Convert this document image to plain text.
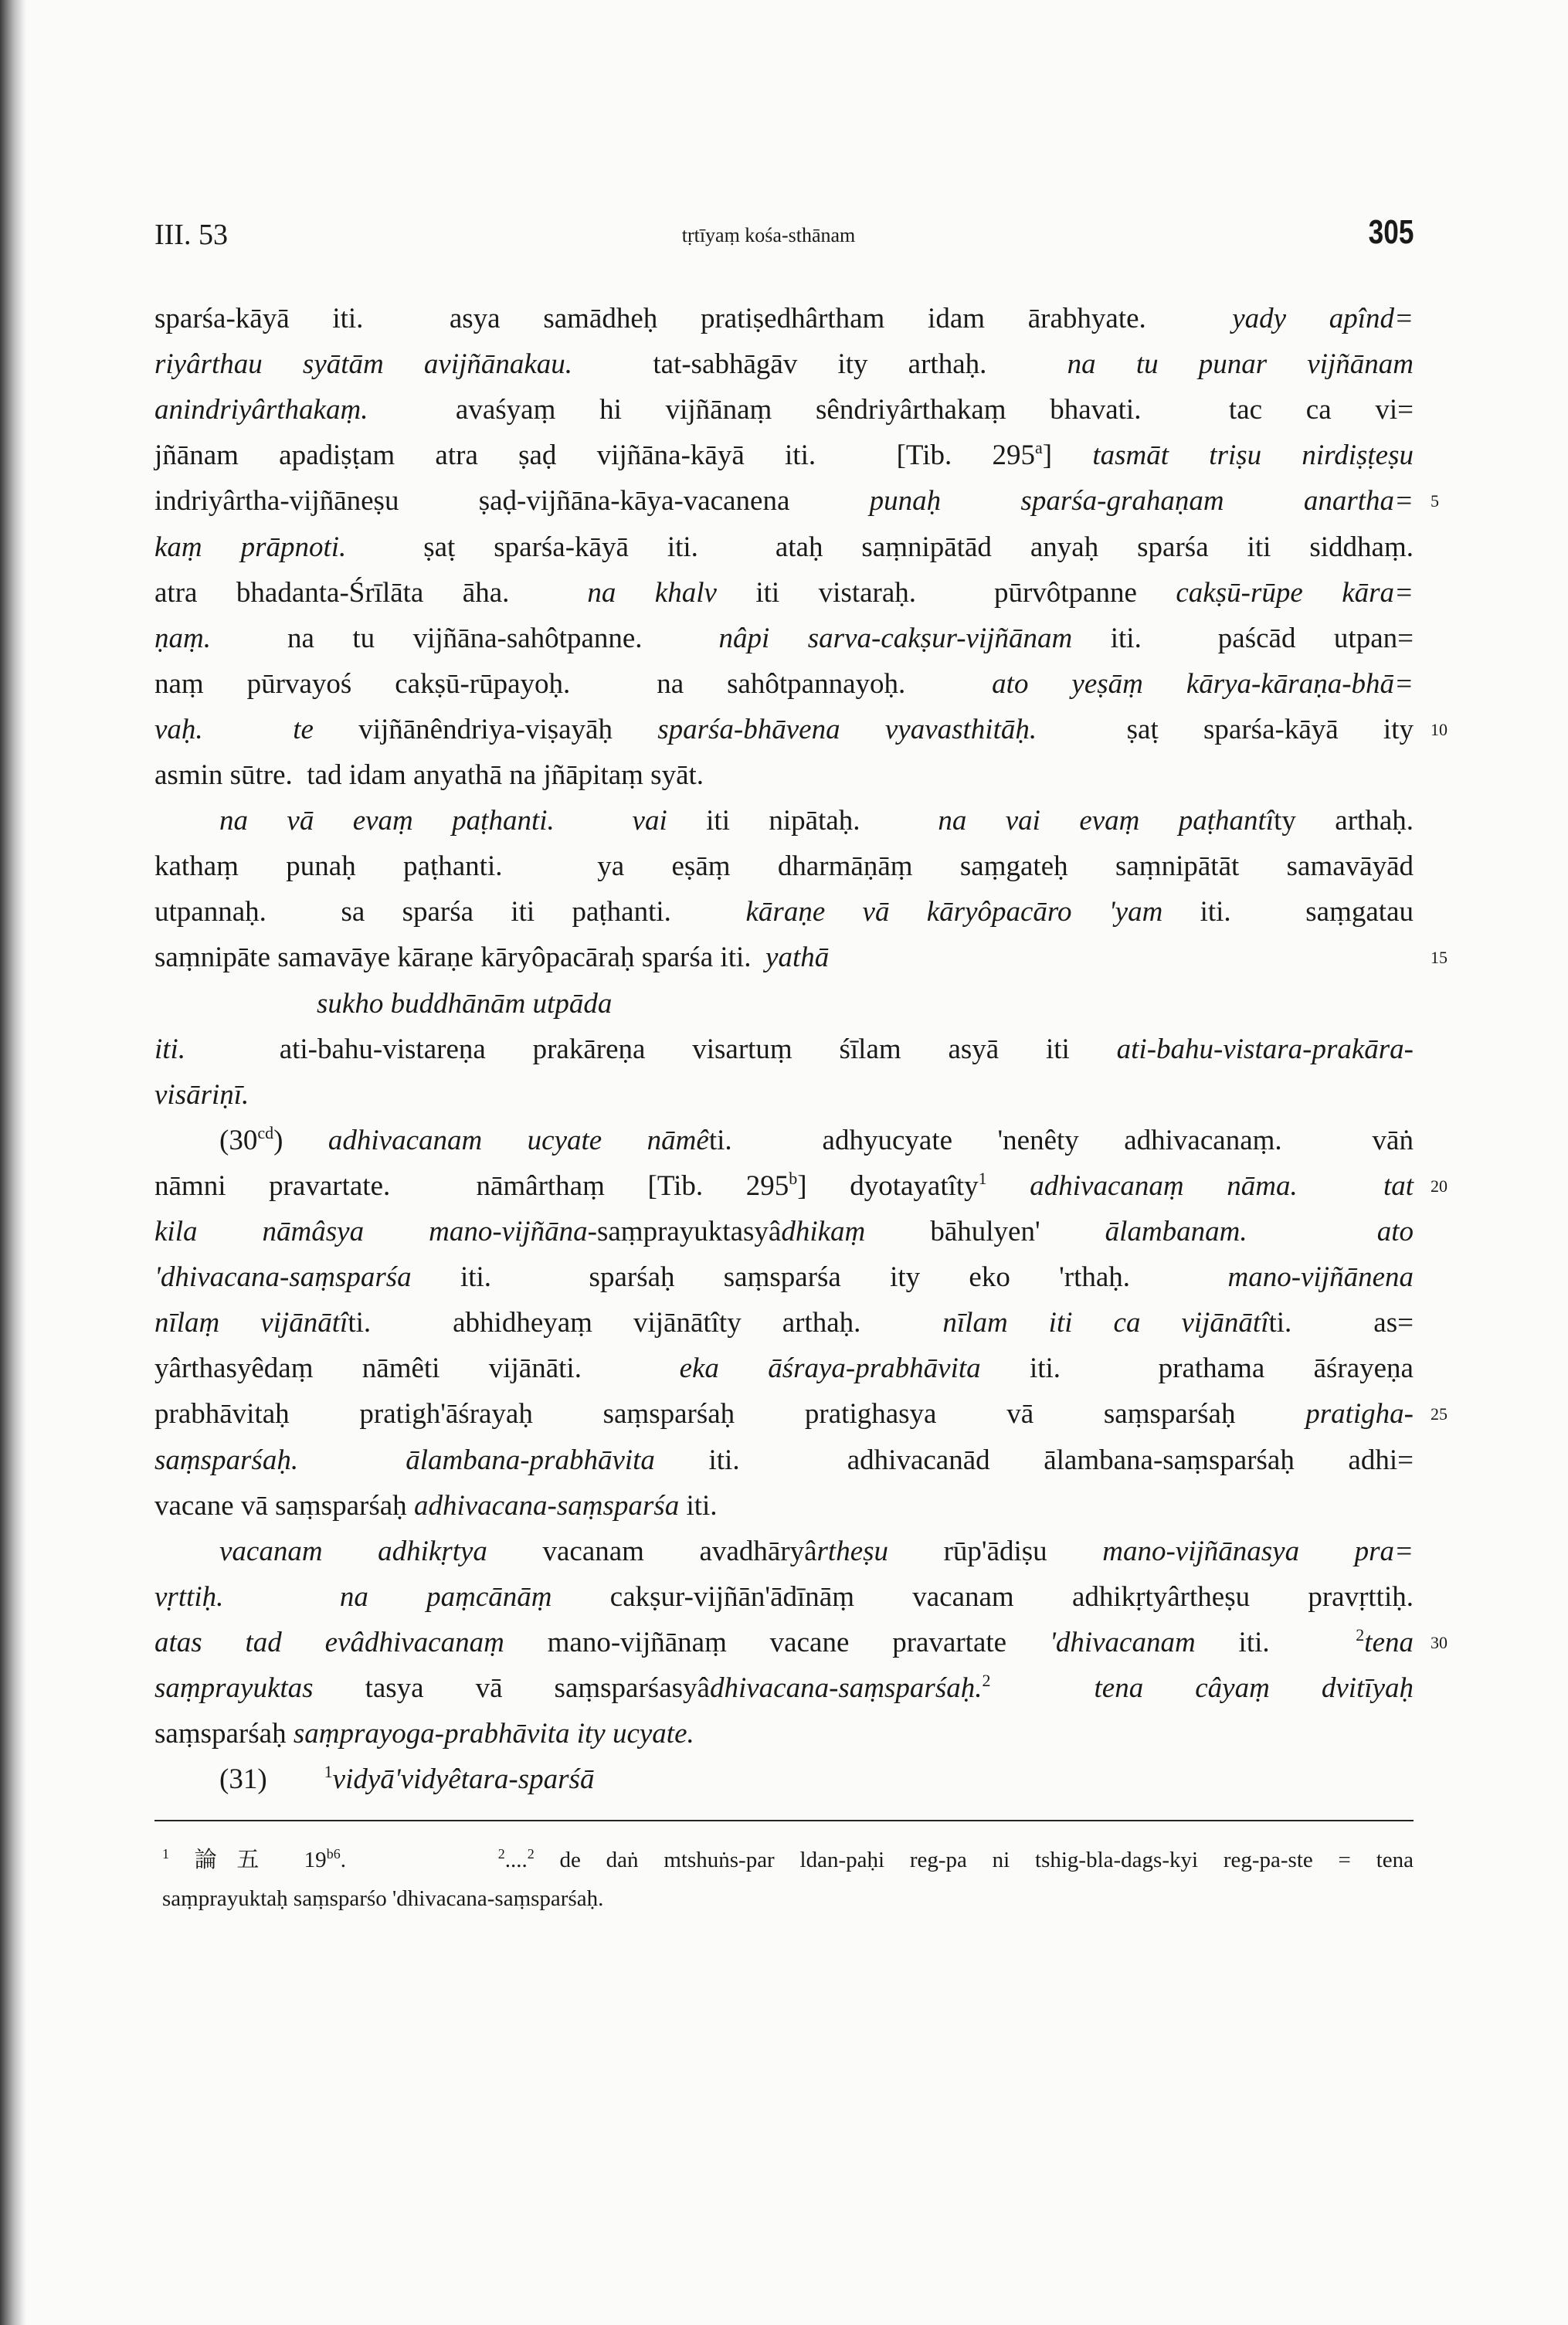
III. 53	tṛtīyaṃ kośa-sthānam	305
sparśa-kāyā iti.  asya samādheḥ pratiṣedhârtham idam ārabhyate.  yady apînd=
riyârthau syātām avijñānakau.  tat-sabhāgāv ity arthaḥ.  na tu punar vijñānam
anindriyârthakaṃ.  avaśyaṃ hi vijñānaṃ sêndriyârthakaṃ bhavati.  tac ca vi=
jñānam apadiṣṭam atra ṣaḍ vijñāna-kāyā iti.  [Tib. 295$^a$] tasmāt triṣu nirdiṣṭeṣu
indriyârtha-vijñāneṣu ṣaḍ-vijñāna-kāya-vacanena punaḥ sparśa-grahaṇam anartha= 5
kaṃ prāpnoti.  ṣaṭ sparśa-kāyā iti.  ataḥ saṃnipātād anyaḥ sparśa iti siddhaṃ.
atra bhadanta-Śrīlāta āha.  na khalv iti vistaraḥ.  pūrvôtpanne cakṣū-rūpe kāra=
ṇaṃ.  na tu vijñāna-sahôtpanne.  nâpi sarva-cakṣur-vijñānam iti.  paścād utpan=
naṃ pūrvayoś cakṣū-rūpayoḥ.  na sahôtpannayoḥ.  ato yeṣāṃ kārya-kāraṇa-bhā=
vaḥ.  te vijñānêndriya-viṣayāḥ sparśa-bhāvena vyavasthitāḥ.  ṣaṭ sparśa-kāyā ity 10
asmin sūtre.  tad idam anyathā na jñāpitaṃ syāt.
na vā evaṃ paṭhanti.  vai iti nipātaḥ.  na vai evaṃ paṭhantîty arthaḥ.
kathaṃ punaḥ paṭhanti.  ya eṣāṃ dharmāṇāṃ saṃgateḥ saṃnipātāt samavāyād
utpannaḥ.  sa sparśa iti paṭhanti.  kāraṇe vā kāryôpacāro 'yam iti.  saṃgatau
saṃnipāte samavāye kāraṇe kāryôpacāraḥ sparśa iti.  yathā	15
sukho buddhānām utpāda
iti.  ati-bahu-vistareṇa prakāreṇa visartuṃ śīlam asyā iti ati-bahu-vistara-prakāra-
visāriṇī.
$(30^{cd})$ adhivacanam ucyate nāmêti.  adhyucyate 'nenêty adhivacanaṃ.  vāṅ
nāmni pravartate.  nāmârthaṃ [Tib. 295$^b$] dyotayatîty$^1$ adhivacanaṃ nāma.  tat 20
kila nāmâsya mano-vijñāna-saṃprayuktasyâdhikaṃ bāhulyen' ālambanam.  ato
'dhivacana-saṃsparśa iti.  sparśaḥ saṃsparśa ity eko 'rthaḥ.  mano-vijñānena
nīlaṃ vijānātîti.  abhidheyaṃ vijānātîty arthaḥ.  nīlam iti ca vijānātîti.  as=
yârthasyêdaṃ nāmêti vijānāti.  eka āśraya-prabhāvita iti.  prathama āśrayeṇa
prabhāvitaḥ pratigh'āśrayaḥ saṃsparśaḥ pratighasya vā saṃsparśaḥ pratigha- 25
saṃsparśaḥ.  ālambana-prabhāvita iti.  adhivacanād ālambana-saṃsparśaḥ adhi=
vacane vā saṃsparśaḥ adhivacana-saṃsparśa iti.
vacanam adhikṛtya vacanam avadhāryârtheṣu rūp'ādiṣu mano-vijñānasya pra=
vṛttiḥ.  na paṃcānāṃ cakṣur-vijñān'ādīnāṃ vacanam adhikṛtyârtheṣu pravṛttiḥ.
atas tad evâdhivacanaṃ mano-vijñānaṃ vacane pravartate 'dhivacanam iti.  $^2$tena 30
saṃprayuktas tasya vā saṃsparśasyâdhivacana-saṃsparśaḥ.$^2$	tena câyaṃ dvitīyaḥ
saṃsparśaḥ saṃprayoga-prabhāvita ity ucyate.
(31)        $^1$vidyā'vidyêtara-sparśā
$^1$ 論五 $19^{b6}$.      $^2$....$^2$ de daṅ mtshuṅs-par ldan-paḥi reg-pa ni tshig-bla-dags-kyi reg-pa-ste = tena
saṃprayuktaḥ saṃsparśo 'dhivacana-saṃsparśaḥ.
